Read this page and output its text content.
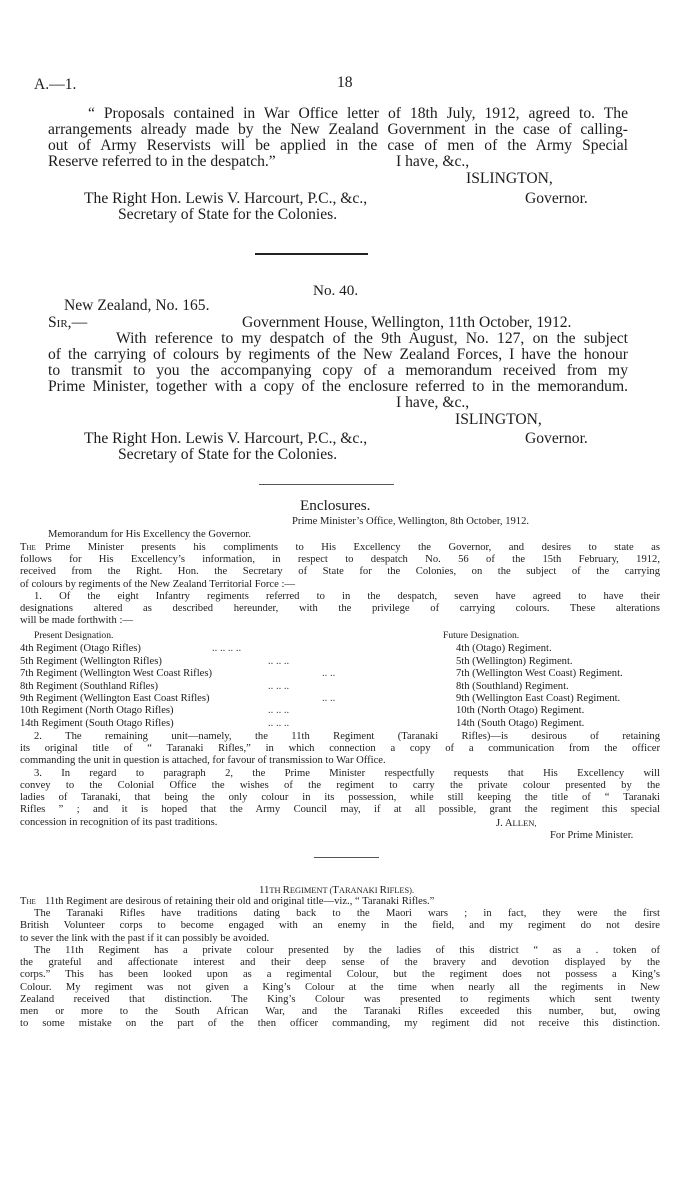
A.—1.	18
“ Proposals contained in War Office letter of 18th July, 1912, agreed to. The
arrangements already made by the New Zealand Government in the case of calling-
out of Army Reservists will be applied in the case of men of the Army Special
Reserve referred to in the despatch.”	I have, &c.,
ISLINGTON,
The Right Hon. Lewis V. Harcourt, P.C., &c.,	Governor.
Secretary of State for the Colonies.
No. 40.
New Zealand, No. 165.
Sir,—	Government House, Wellington, 11th October, 1912.
With reference to my despatch of the 9th August, No. 127, on the subject
of the carrying of colours by regiments of the New Zealand Forces, I have the honour
to transmit to you the accompanying copy of a memorandum received from my
Prime Minister, together with a copy of the enclosure referred to in the memorandum.
I have, &c.,
ISLINGTON,
The Right Hon. Lewis V. Harcourt, P.C., &c.,	Governor.
Secretary of State for the Colonies.
Enclosures.
Prime Minister’s Office, Wellington, 8th October, 1912.
Memorandum for His Excellency the Governor.
The Prime Minister presents his compliments to His Excellency the Governor, and desires to state as
follows for His Excellency’s information, in respect to despatch No. 56 of the 15th February, 1912,
received from the Right. Hon. the Secretary of State for the Colonies, on the subject of the carrying
of colours by regiments of the New Zealand Territorial Force :—
1. Of the eight Infantry regiments referred to in the despatch, seven have agreed to have their
designations altered as described hereunder, with the privilege of carrying colours. These alterations
will be made forthwith :—
Present Designation.	Future Designation.
4th Regiment (Otago Rifles)	.. .. .. ..	4th (Otago) Regiment.
5th Regiment (Wellington Rifles)	.. .. ..	5th (Wellington) Regiment.
7th Regiment (Wellington West Coast Rifles)	.. ..	7th (Wellington West Coast) Regiment.
8th Regiment (Southland Rifles)	.. .. ..	8th (Southland) Regiment.
9th Regiment (Wellington East Coast Rifles)	.. ..	9th (Wellington East Coast) Regiment.
10th Regiment (North Otago Rifles)	.. .. ..	10th (North Otago) Regiment.
14th Regiment (South Otago Rifles)	.. .. ..	14th (South Otago) Regiment.
2. The remaining unit—namely, the 11th Regiment (Taranaki Rifles)—is desirous of retaining
its original title of “ Taranaki Rifles,” in which connection a copy of a communication from the officer
commanding the unit in question is attached, for favour of transmission to War Office.
3. In regard to paragraph 2, the Prime Minister respectfully requests that His Excellency will
convey to the Colonial Office the wishes of the regiment to carry the private colour presented by the
ladies of Taranaki, that being the only colour in its possession, while still keeping the title of “ Taranaki
Rifles ” ; and it is hoped that the Army Council may, if at all possible, grant the regiment this special
concession in recognition of its past traditions.	J. ALLEN,
For Prime Minister.
11TH REGIMENT (TARANAKI RIFLES).
The 11th Regiment are desirous of retaining their old and original title—viz., “ Taranaki Rifles.”
The Taranaki Rifles have traditions dating back to the Maori wars ; in fact, they were the first
British Volunteer corps to become engaged with an enemy in the field, and my regiment do not desire
to sever the link with the past if it can possibly be avoided.
The 11th Regiment has a private colour presented by the ladies of this district “ as a . token of
the grateful and affectionate interest and their deep sense of the bravery and devotion displayed by the
corps.” This has been looked upon as a regimental Colour, but the regiment does not possess a King’s
Colour. My regiment was not given a King’s Colour at the time when nearly all the regiments in New
Zealand received that distinction. The King’s Colour was presented to regiments which sent twenty
men or more to the South African War, and the Taranaki Rifles exceeded this number, but, owing
to some mistake on the part of the then officer commanding, my regiment did not receive this distinction.
